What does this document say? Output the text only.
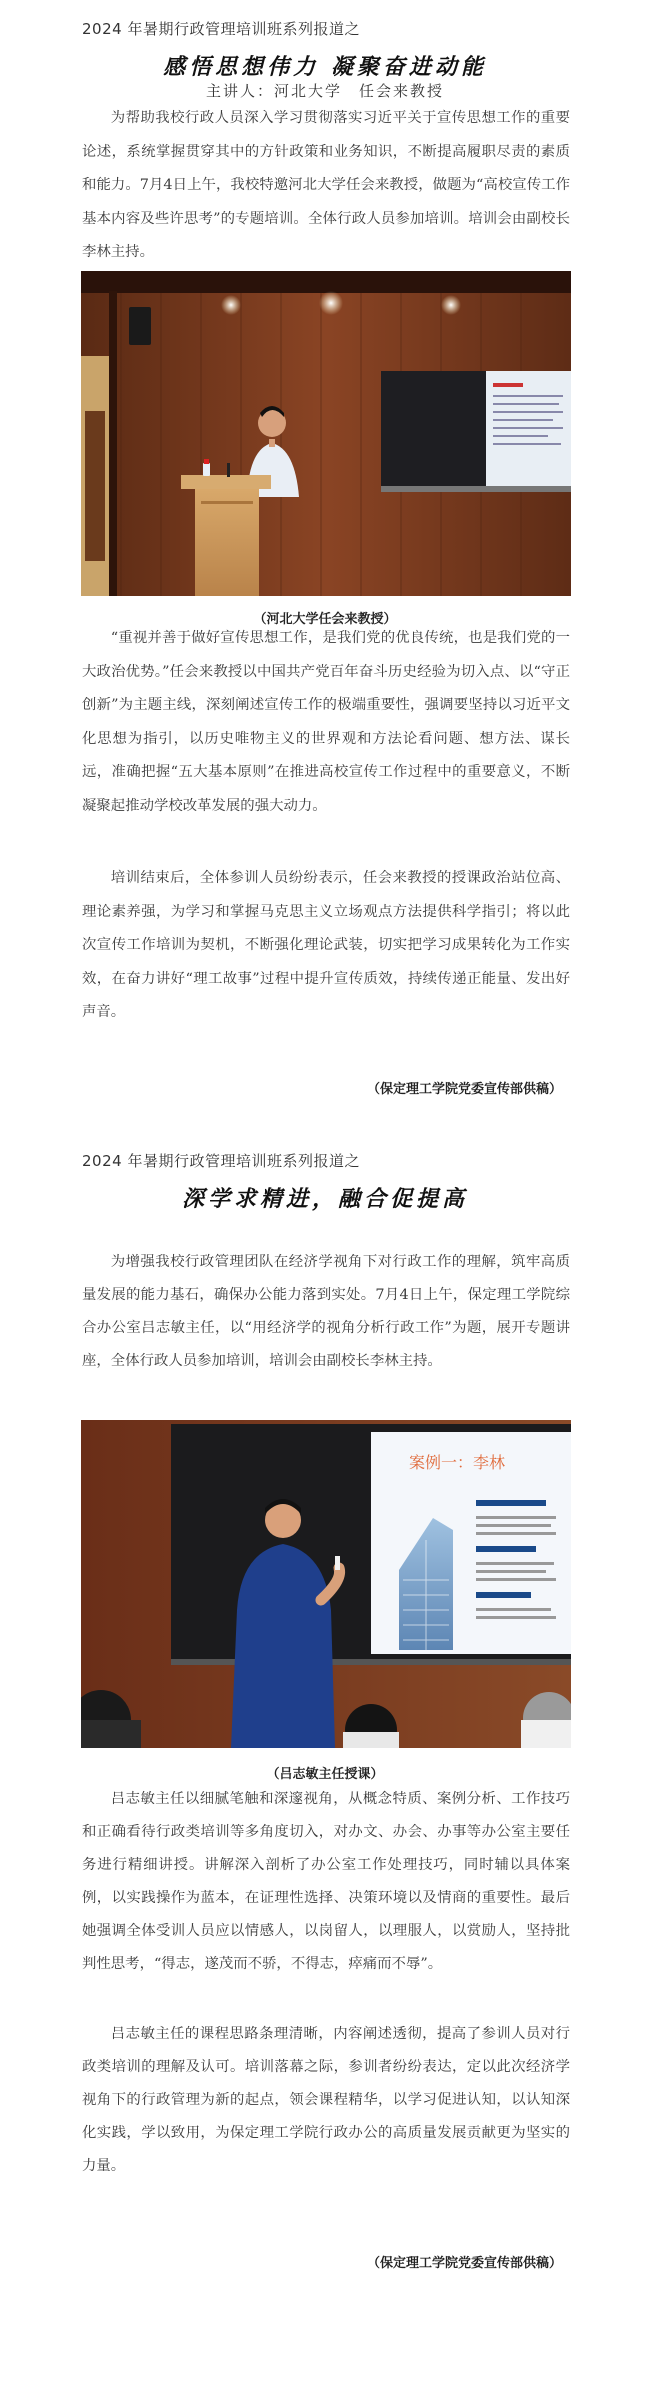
2024 年暑期行政管理培训班系列报道之
感悟思想伟力 凝聚奋进动能
主讲人：河北大学　任会来教授

为帮助我校行政人员深入学习贯彻落实习近平关于宣传思想工作的重要论述，系统掌握贯穿其中的方针政策和业务知识，不断提高履职尽责的素质和能力。7月4日上午，我校特邀河北大学任会来教授，做题为“高校宣传工作基本内容及些许思考”的专题培训。全体行政人员参加培训。培训会由副校长李林主持。

（河北大学任会来教授）

“重视并善于做好宣传思想工作，是我们党的优良传统，也是我们党的一大政治优势。”任会来教授以中国共产党百年奋斗历史经验为切入点、以“守正创新”为主题主线，深刻阐述宣传工作的极端重要性，强调要坚持以习近平文化思想为指引，以历史唯物主义的世界观和方法论看问题、想方法、谋长远，准确把握“五大基本原则”在推进高校宣传工作过程中的重要意义，不断凝聚起推动学校改革发展的强大动力。

培训结束后，全体参训人员纷纷表示，任会来教授的授课政治站位高、理论素养强，为学习和掌握马克思主义立场观点方法提供科学指引；将以此次宣传工作培训为契机，不断强化理论武装，切实把学习成果转化为工作实效，在奋力讲好“理工故事”过程中提升宣传质效，持续传递正能量、发出好声音。

（保定理工学院党委宣传部供稿）
2024 年暑期行政管理培训班系列报道之
深学求精进，融合促提高

为增强我校行政管理团队在经济学视角下对行政工作的理解，筑牢高质量发展的能力基石，确保办公能力落到实处。7月4日上午，保定理工学院综合办公室吕志敏主任，以“用经济学的视角分析行政工作”为题，展开专题讲座，全体行政人员参加培训，培训会由副校长李林主持。

案例一：李林
（吕志敏主任授课）

吕志敏主任以细腻笔触和深邃视角，从概念特质、案例分析、工作技巧和正确看待行政类培训等多角度切入，对办文、办会、办事等办公室主要任务进行精细讲授。讲解深入剖析了办公室工作处理技巧，同时辅以具体案例，以实践操作为蓝本，在证理性选择、决策环境以及情商的重要性。最后她强调全体受训人员应以情感人，以岗留人，以理服人，以赏励人，坚持批判性思考，“得志，遂茂而不骄，不得志，瘁痛而不辱”。

吕志敏主任的课程思路条理清晰，内容阐述透彻，提高了参训人员对行政类培训的理解及认可。培训落幕之际，参训者纷纷表达，定以此次经济学视角下的行政管理为新的起点，领会课程精华，以学习促进认知，以认知深化实践，学以致用，为保定理工学院行政办公的高质量发展贡献更为坚实的力量。

（保定理工学院党委宣传部供稿）
